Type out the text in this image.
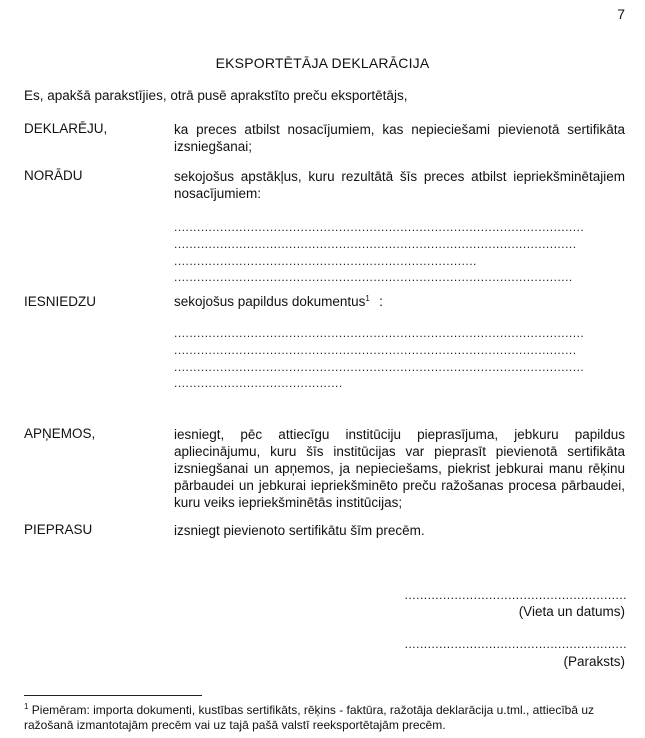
7
EKSPORTĒTĀJA DEKLARĀCIJA
Es, apakšā parakstījies, otrā pusē aprakstīto preču eksportētājs,
DEKLARĒJU,	ka preces atbilst nosacījumiem, kas nepieciešami pievienotā sertifikāta izsniegšanai;
NORĀDU	sekojošus apstākļus, kuru rezultātā šīs preces atbilst iepriekšminētajiem nosacījumiem:
...........................................................................................................
.........................................................................................................
...............................................................................
........................................................................................................
IESNIEDZU	sekojošus papildus dokumentus 1 :
...........................................................................................................
.........................................................................................................
...........................................................................................................
............................................
APŅEMOS,	iesniegt, pēc attiecīgu institūciju pieprasījuma, jebkuru papildus apliecinājumu, kuru šīs institūcijas var pieprasīt pievienotā sertifikāta izsniegšanai un apņemos, ja nepieciešams, piekrist jebkurai manu rēķinu pārbaudei un jebkurai iepriekšminēto preču ražošanas procesa pārbaudei, kuru veiks iepriekšminētās institūcijas;
PIEPRASU	izsniegt pievienoto sertifikātu šīm precēm.
..........................................................
(Vieta un datums)
..........................................................
(Paraksts)
$^1$ Piemēram: importa dokumenti, kustības sertifikāts, rēķins - faktūra, ražotāja deklarācija u.tml., attiecībā uz ražošanā izmantotajām precēm vai uz tajā pašā valstī reeksportētajām precēm.
